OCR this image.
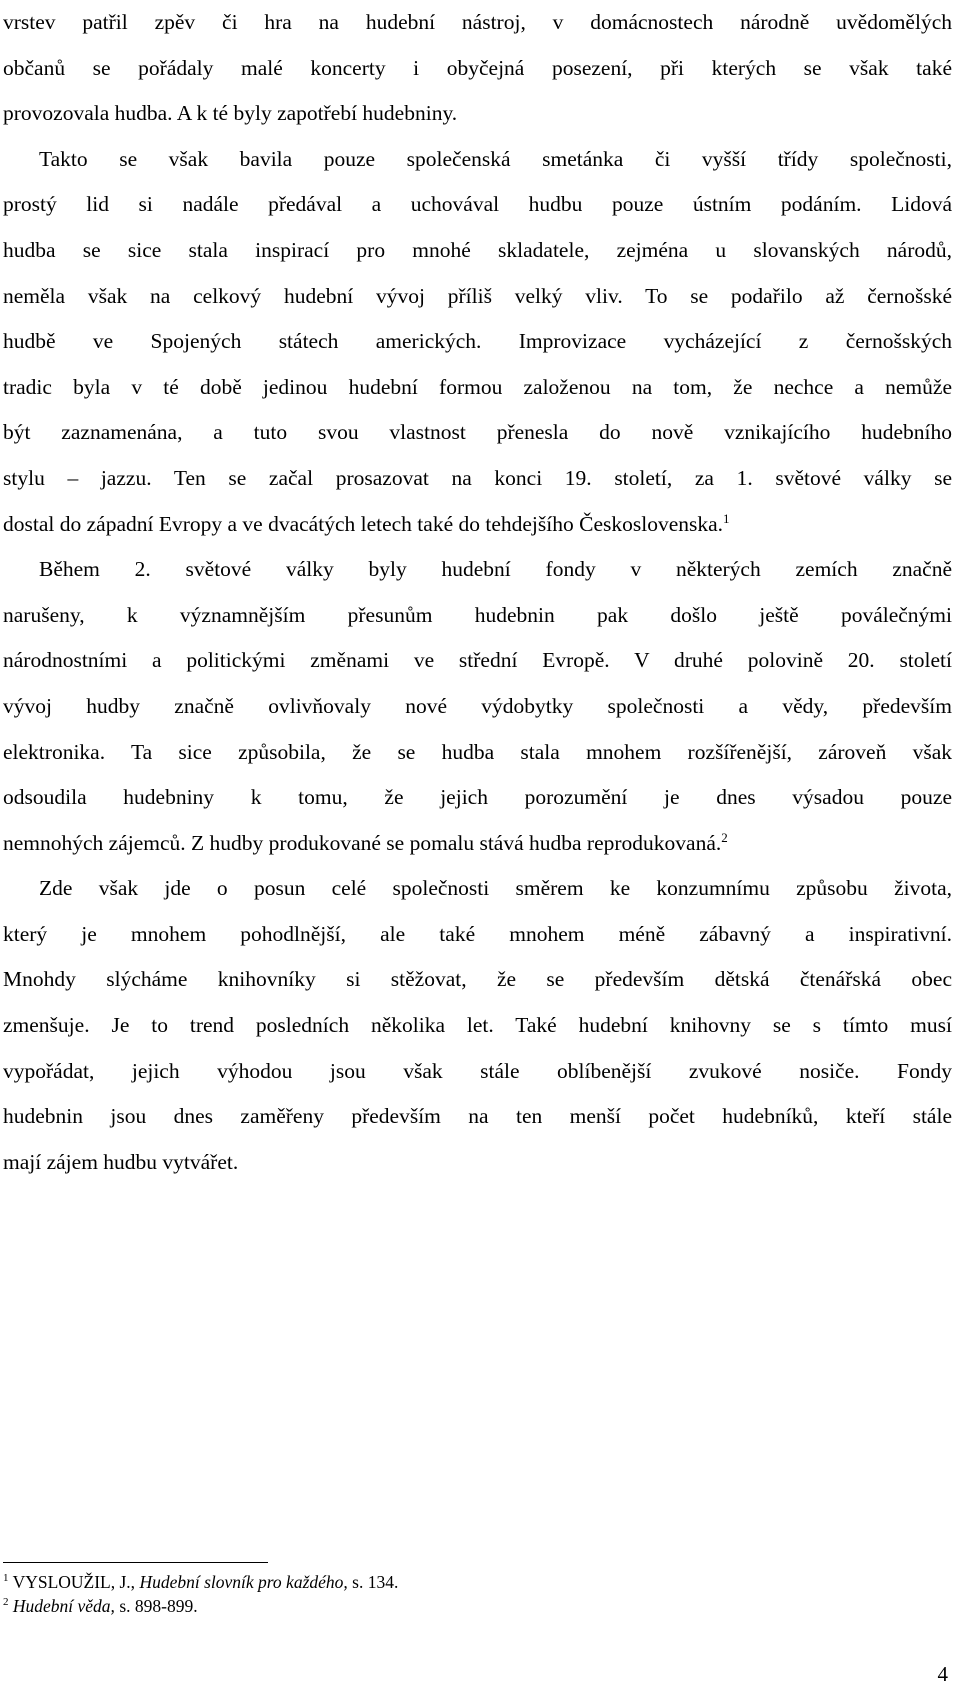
vrstev patřil zpěv či hra na hudební nástroj, v domácnostech národně uvědomělých
občanů se pořádaly malé koncerty i obyčejná posezení, při kterých se však také
provozovala hudba. A k té byly zapotřebí hudebniny.
Takto se však bavila pouze společenská smetánka či vyšší třídy společnosti,
prostý lid si nadále předával a uchovával hudbu pouze ústním podáním. Lidová
hudba se sice stala inspirací pro mnohé skladatele, zejména u slovanských národů,
neměla však na celkový hudební vývoj příliš velký vliv. To se podařilo až černošské
hudbě ve Spojených státech amerických. Improvizace vycházející z černošských
tradic byla v té době jedinou hudební formou založenou na tom, že nechce a nemůže
být zaznamenána, a tuto svou vlastnost přenesla do nově vznikajícího hudebního
stylu – jazzu. Ten se začal prosazovat na konci 19. století, za 1. světové války se
dostal do západní Evropy a ve dvacátých letech také do tehdejšího Československa.$^1$
Během 2. světové války byly hudební fondy v některých zemích značně
narušeny, k významnějším přesunům hudebnin pak došlo ještě poválečnými
národnostními a politickými změnami ve střední Evropě. V druhé polovině 20. století
vývoj hudby značně ovlivňovaly nové výdobytky společnosti a vědy, především
elektronika. Ta sice způsobila, že se hudba stala mnohem rozšířenější, zároveň však
odsoudila hudebniny k tomu, že jejich porozumění je dnes výsadou pouze
nemnohých zájemců. Z hudby produkované se pomalu stává hudba reprodukovaná.$^2$
Zde však jde o posun celé společnosti směrem ke konzumnímu způsobu života,
který je mnohem pohodlnější, ale také mnohem méně zábavný a inspirativní.
Mnohdy slýcháme knihovníky si stěžovat, že se především dětská čtenářská obec
zmenšuje. Je to trend posledních několika let. Také hudební knihovny se s tímto musí
vypořádat, jejich výhodou jsou však stále oblíbenější zvukové nosiče. Fondy
hudebnin jsou dnes zaměřeny především na ten menší počet hudebníků, kteří stále
mají zájem hudbu vytvářet.

$^1$ VYSLOUŽIL, J., Hudební slovník pro každého, s. 134.

$^2$ Hudební věda, s. 898-899.

4
